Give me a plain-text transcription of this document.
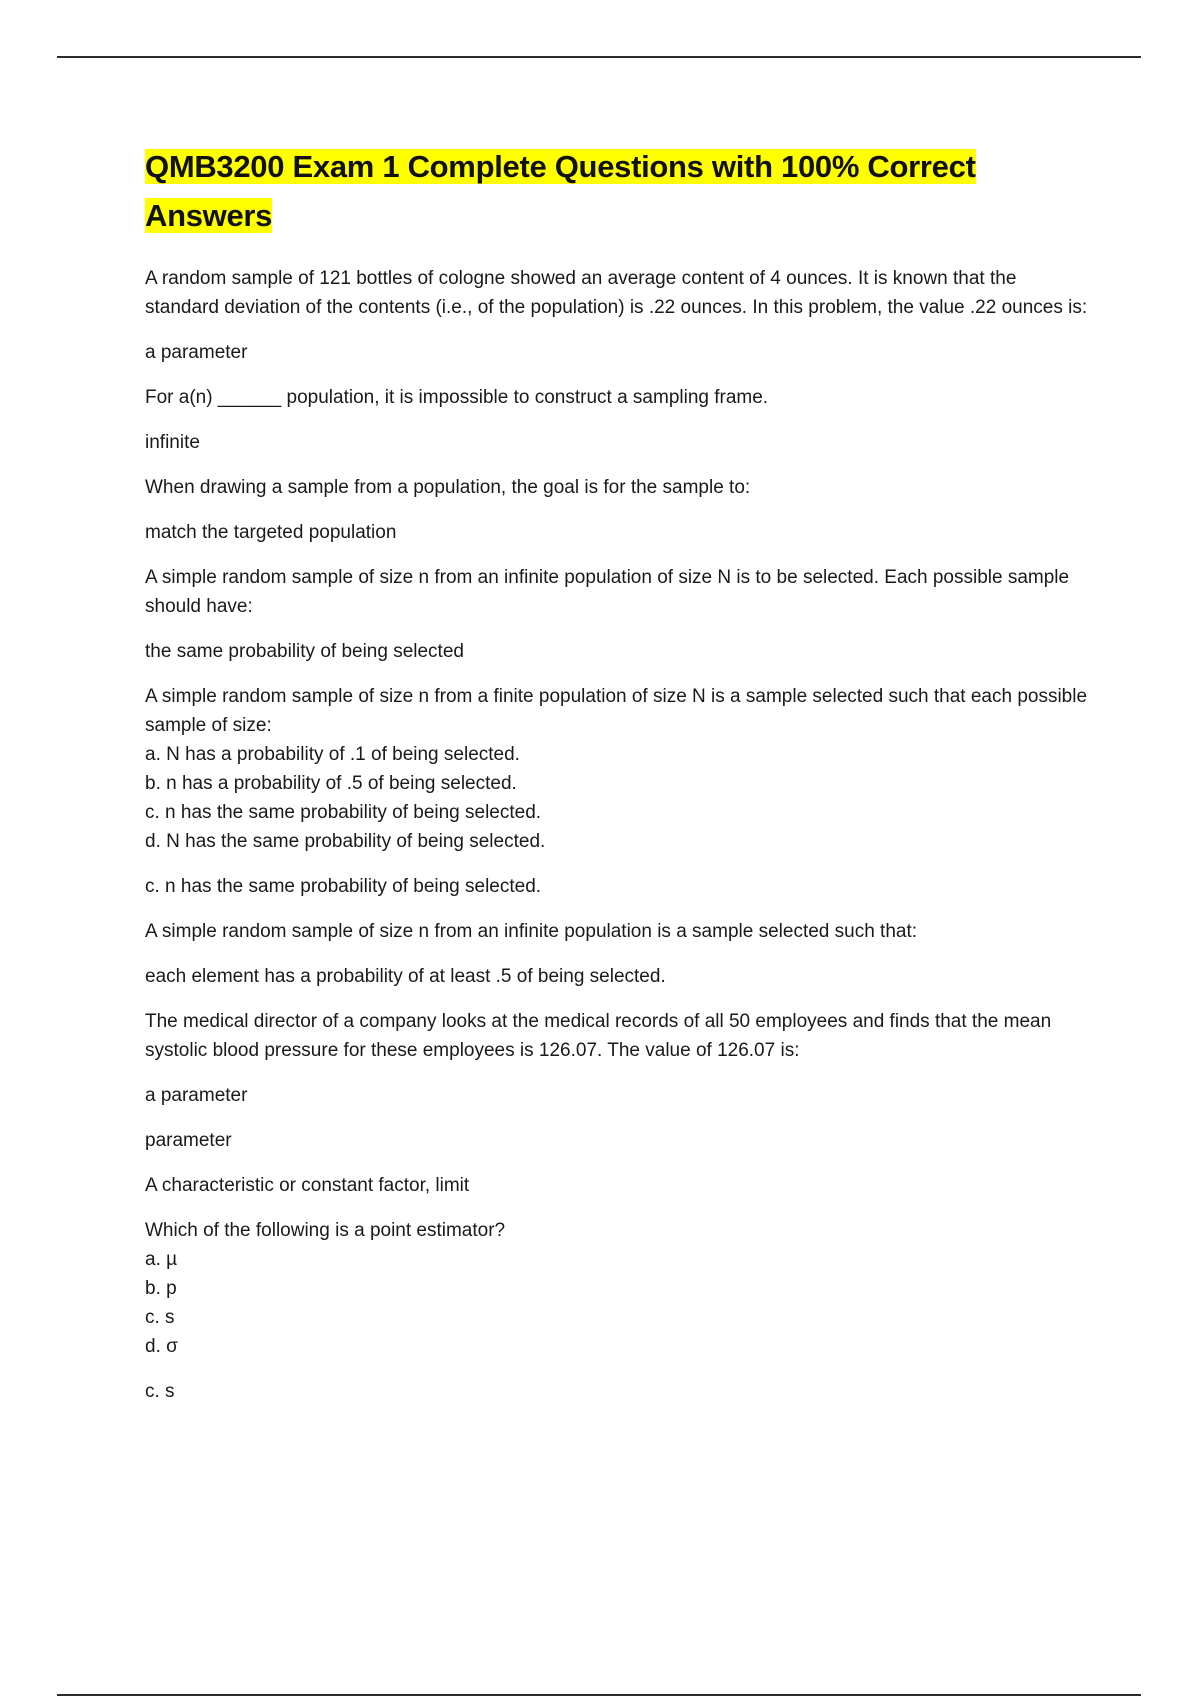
QMB3200 Exam 1 Complete Questions with 100% Correct Answers
A random sample of 121 bottles of cologne showed an average content of 4 ounces. It is known that the standard deviation of the contents (i.e., of the population) is .22 ounces. In this problem, the value .22 ounces is:
a parameter
For a(n) ______ population, it is impossible to construct a sampling frame.
infinite
When drawing a sample from a population, the goal is for the sample to:
match the targeted population
A simple random sample of size n from an infinite population of size N is to be selected. Each possible sample should have:
the same probability of being selected
A simple random sample of size n from a finite population of size N is a sample selected such that each possible sample of size:
a. N has a probability of .1 of being selected.
b. n has a probability of .5 of being selected.
c. n has the same probability of being selected.
d. N has the same probability of being selected.
c. n has the same probability of being selected.
A simple random sample of size n from an infinite population is a sample selected such that:
each element has a probability of at least .5 of being selected.
The medical director of a company looks at the medical records of all 50 employees and finds that the mean systolic blood pressure for these employees is 126.07. The value of 126.07 is:
a parameter
parameter
A characteristic or constant factor, limit
Which of the following is a point estimator?
a. µ
b. p
c. s
d. σ
c. s
